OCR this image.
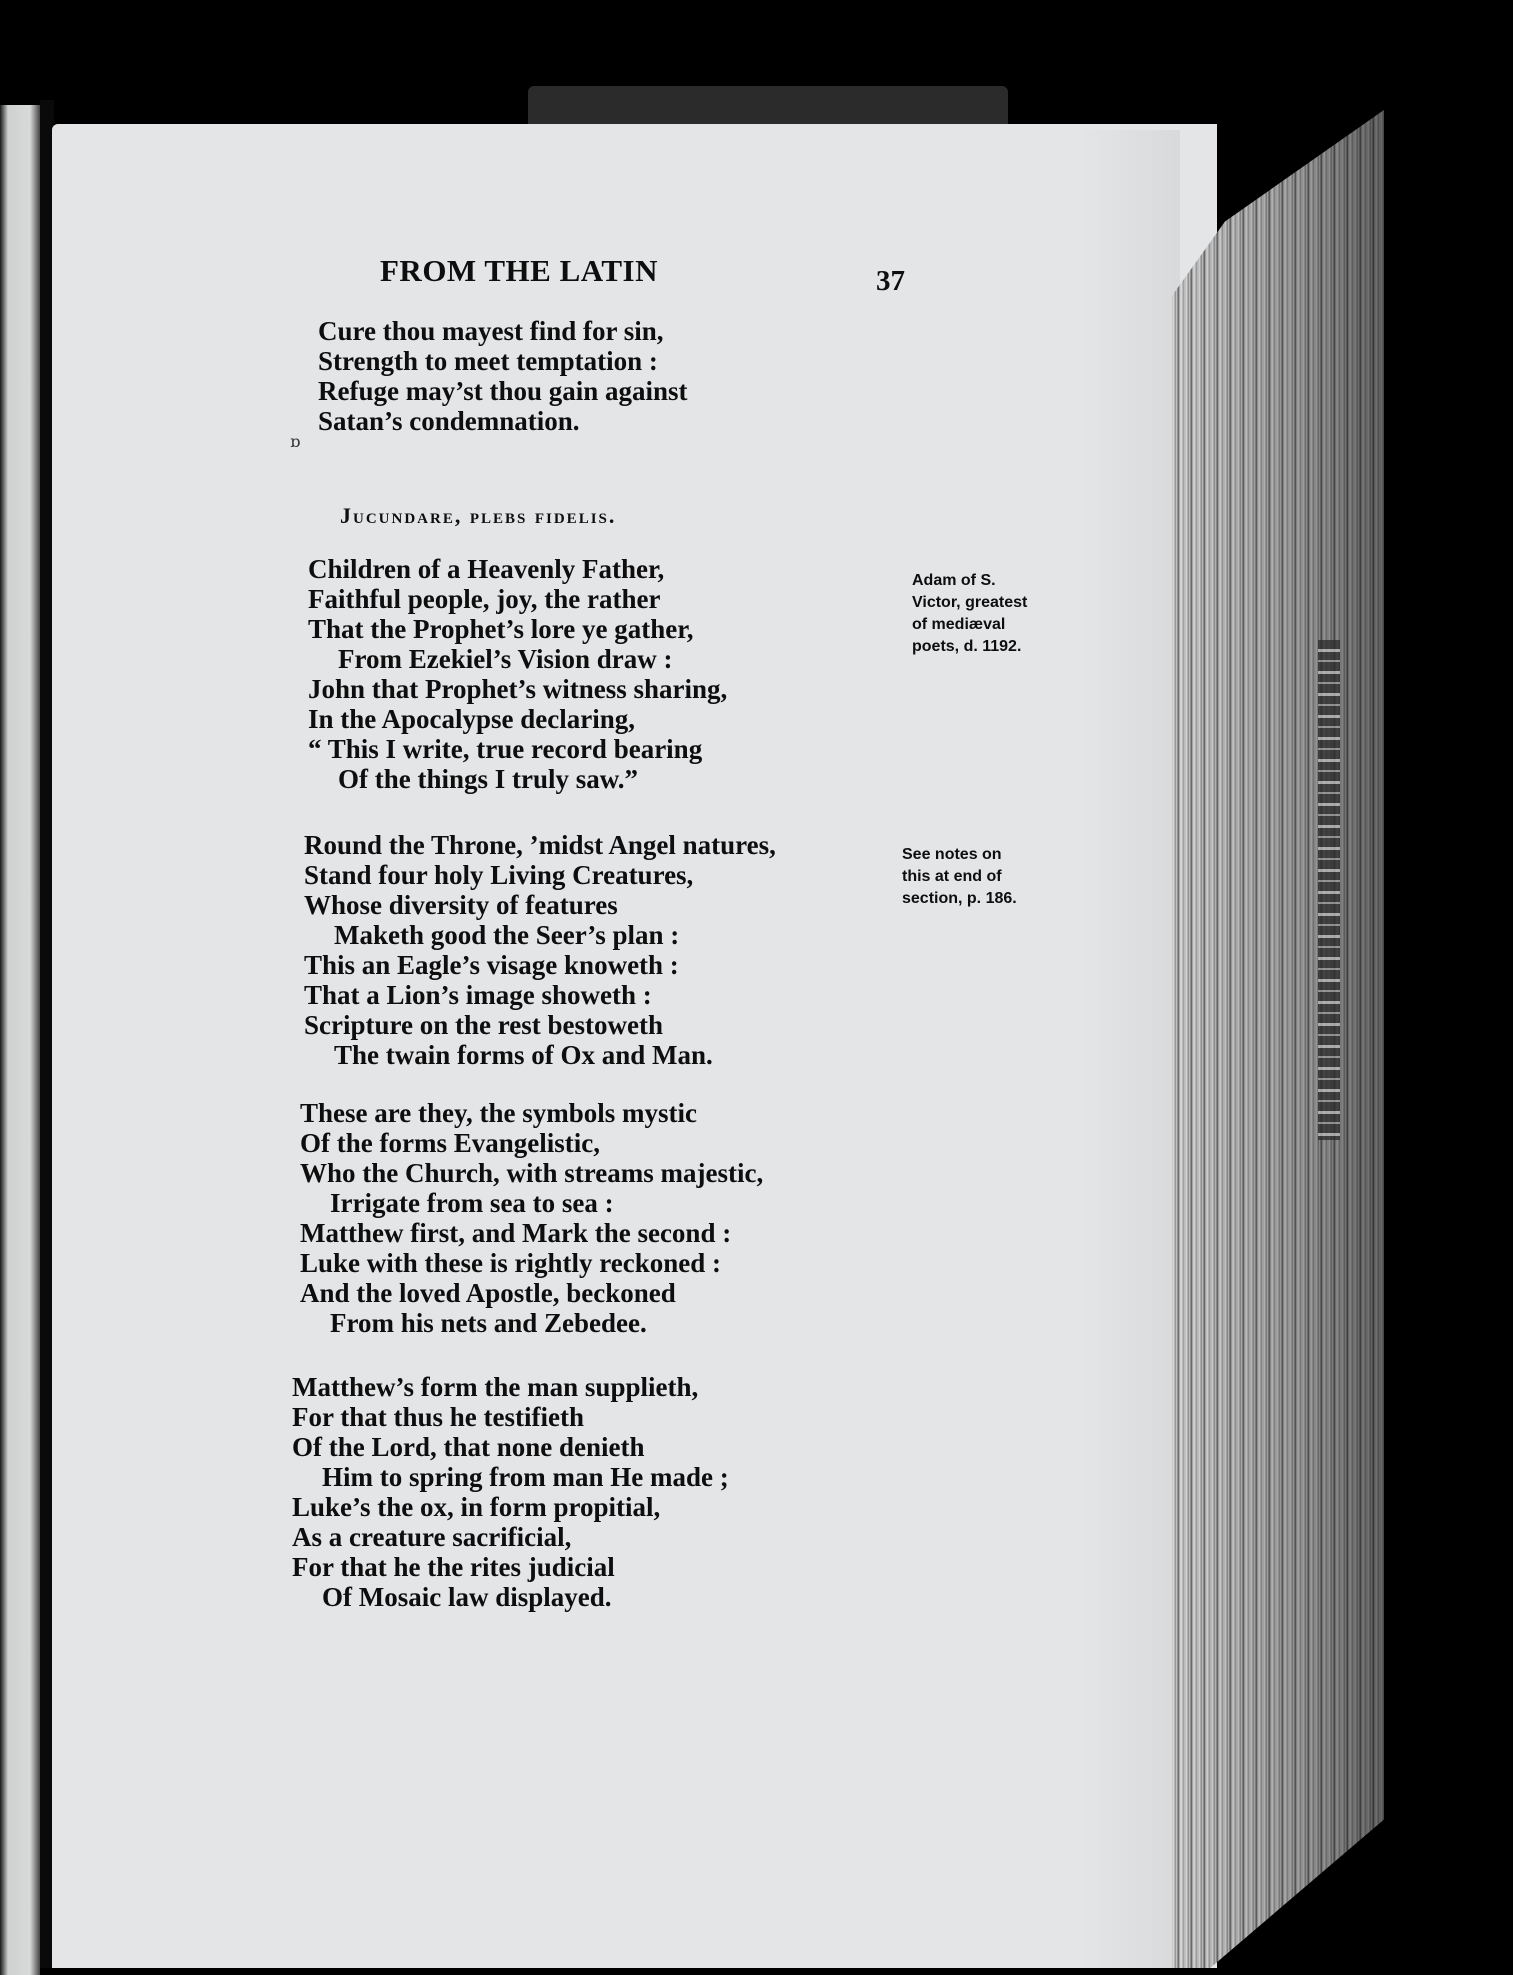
FROM THE LATIN	37
Cure thou mayest find for sin,
Strength to meet temptation :
Refuge may’st thou gain against
Satan’s condemnation.
ɒ
Jucundare, plebs fidelis.
Children of a Heavenly Father,
Faithful people, joy, the rather
That the Prophet’s lore ye gather,
From Ezekiel’s Vision draw :
John that Prophet’s witness sharing,
In the Apocalypse declaring,
“ This I write, true record bearing
Of the things I truly saw.”
Round the Throne, ’midst Angel natures,
Stand four holy Living Creatures,
Whose diversity of features
Maketh good the Seer’s plan :
This an Eagle’s visage knoweth :
That a Lion’s image showeth :
Scripture on the rest bestoweth
The twain forms of Ox and Man.
These are they, the symbols mystic
Of the forms Evangelistic,
Who the Church, with streams majestic,
Irrigate from sea to sea :
Matthew first, and Mark the second :
Luke with these is rightly reckoned :
And the loved Apostle, beckoned
From his nets and Zebedee.
Matthew’s form the man supplieth,
For that thus he testifieth
Of the Lord, that none denieth
Him to spring from man He made ;
Luke’s the ox, in form propitial,
As a creature sacrificial,
For that he the rites judicial
Of Mosaic law displayed.
Adam of S.
Victor, greatest
of mediæval
poets, d. 1192.
See notes on
this at end of
section, p. 186.
